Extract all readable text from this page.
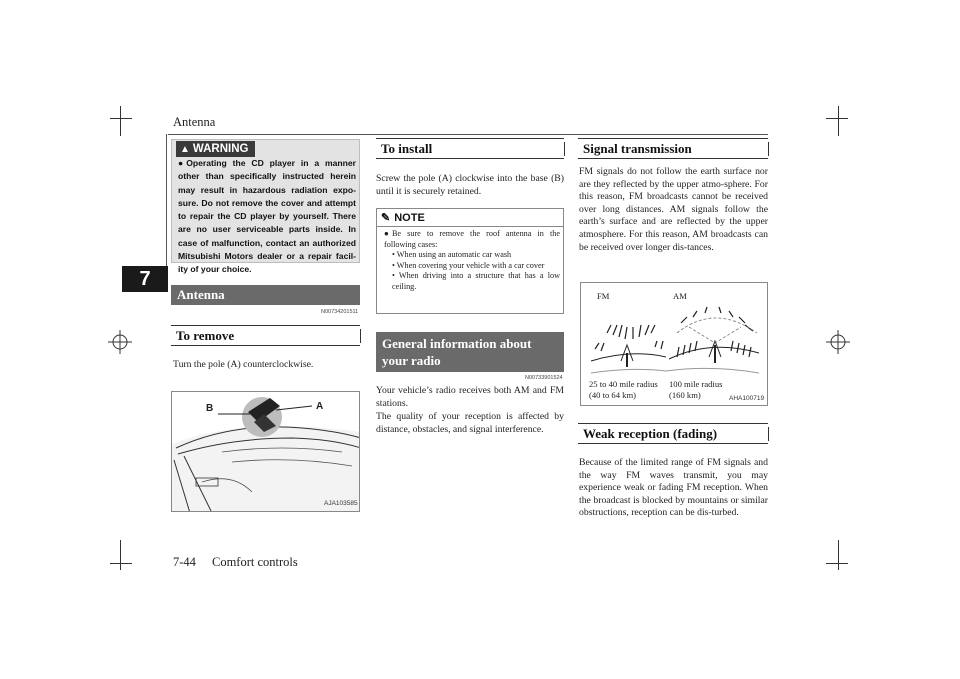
Antenna
7
▲ WARNING
● Operating the CD player in a manner other than specifically instructed herein may result in hazardous radiation expo-sure. Do not remove the cover and attempt to repair the CD player by yourself. There are no user serviceable parts inside. In case of malfunction, contact an authorized Mitsubishi Motors dealer or a repair facil-ity of your choice.
Antenna
N00734201511
To remove
Turn the pole (A) counterclockwise.
B	A
AJA103585
To install
Screw the pole (A) clockwise into the base (B) until it is securely retained.
✎ NOTE
● Be sure to remove the roof antenna in the following cases:
• When using an automatic car wash
• When covering your vehicle with a car cover
• When driving into a structure that has a low ceiling.
General information about
your radio
N00733901524
Your vehicle’s radio receives both AM and FM stations.
The quality of your reception is affected by distance, obstacles, and signal interference.
Signal transmission
FM signals do not follow the earth surface nor are they reflected by the upper atmo-sphere. For this reason, FM broadcasts cannot be received over long distances. AM signals follow the earth’s surface and are reflected by the upper atmosphere. For this reason, AM broadcasts can be received over longer dis-tances.
FM	AM
25 to 40 mile radius
(40 to 64 km)
100 mile radius
(160 km)	AHA100719
Weak reception (fading)
Because of the limited range of FM signals and the way FM waves transmit, you may experience weak or fading FM reception. When the broadcast is blocked by mountains or similar obstructions, reception can be dis-turbed.
7-44 Comfort controls
